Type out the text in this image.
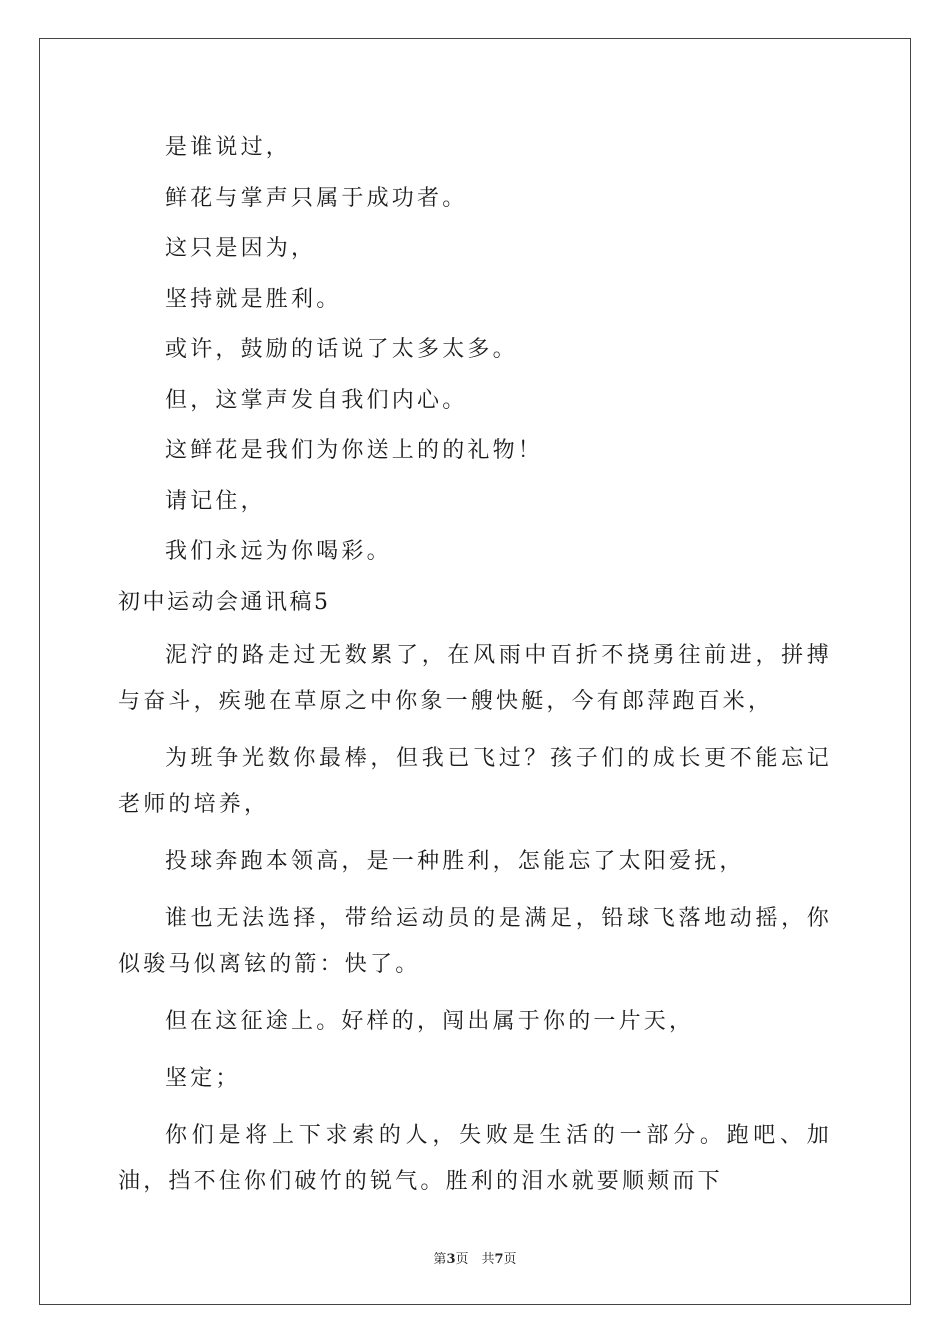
是谁说过，
鲜花与掌声只属于成功者。
这只是因为，
坚持就是胜利。
或许，鼓励的话说了太多太多。
但，这掌声发自我们内心。
这鲜花是我们为你送上的的礼物！
请记住，
我们永远为你喝彩。
初中运动会通讯稿5
泥泞的路走过无数累了，在风雨中百折不挠勇往前进，拼搏与奋斗，疾驰在草原之中你象一艘快艇，今有郎萍跑百米，
为班争光数你最棒，但我已飞过？孩子们的成长更不能忘记老师的培养，
投球奔跑本领高，是一种胜利，怎能忘了太阳爱抚，
谁也无法选择，带给运动员的是满足，铅球飞落地动摇，你似骏马似离铉的箭：快了。
但在这征途上。好样的，闯出属于你的一片天，
坚定；
你们是将上下求索的人，失败是生活的一部分。跑吧、加油，挡不住你们破竹的锐气。胜利的泪水就要顺颊而下
第3页　共7页
